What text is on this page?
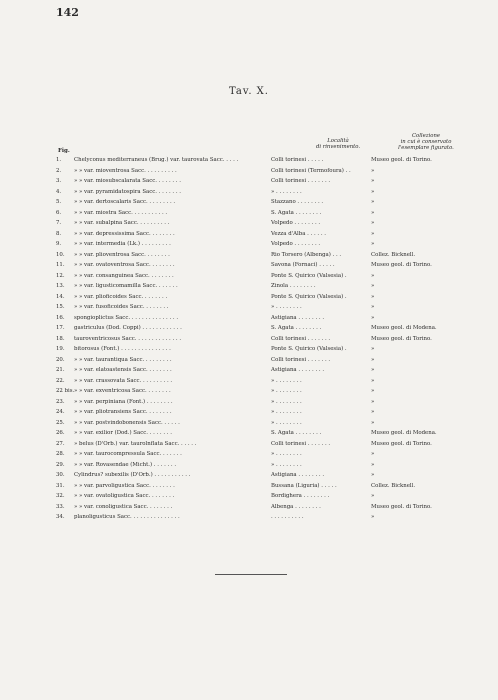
142
Tav. X.
Fig.
Località
di rinvenimento.
Collezione
in cui è conservato
l'esemplare figurato.
1.	Chelyconus mediterraneus (Brug.) var. taurovata Sacc. . . . .	Colli torinesi . . . . .	Museo geol. di Torino.
2.	» » var. mioventrosa Sacc. . . . . . . . . .	Colli torinesi (Termofoura) . .	»
3.	» » var. miosubscalarata Sacc. . . . . . . .	Colli torinesi . . . . . . .	»
4.	» » var. pyramidatospira Sacc. . . . . . . .	» . . . . . . . .	»
5.	» » var. dertoscalaris Sacc. . . . . . . . .	Stazzano . . . . . . . .	»
6.	» » var. miostra Sacc. . . . . . . . . . .	S. Agata . . . . . . . .	»
7.	» » var. subalpina Sacc. . . . . . . . . .	Volpedo . . . . . . . .	»
8.	» » var. depressissima Sacc. . . . . . . .	Vezza d'Alba . . . . . .	»
9.	» » var. intermedia (Lk.) . . . . . . . . .	Volpedo . . . . . . . .	»
10.	» » var. plioventrosa Sacc. . . . . . . .	Rio Torsero (Albenga) . . .	Collez. Bicknell.
11.	» » var. ovatoventrosa Sacc. . . . . . . .	Savona (Fornaci) . . . . .	Museo geol. di Torino.
12.	» » var. consanguinea Sacc. . . . . . . .	Ponte S. Quirico (Valsesia) .	»
13.	» » var. ligusticomamilla Sacc. . . . . . .	Zinola . . . . . . . .	»
14.	» » var. plioficoides Sacc. . . . . . . .	Ponte S. Quirico (Valsesia) .	»
15.	» » var. fusoficoides Sacc. . . . . . . .	» . . . . . . . .	»
16.	spongioplictus Sacc. . . . . . . . . . . . . . .	Astigiana . . . . . . . .	»
17.	gastriculus (Dod. Coppi) . . . . . . . . . . . .	S. Agata . . . . . . . .	Museo geol. di Modena.
18.	tauroventricosus Sacc. . . . . . . . . . . . . .	Colli torinesi . . . . . . .	Museo geol. di Torino.
19.	bitorosus (Font.) . . . . . . . . . . . . . . .	Ponte S. Quirico (Valsesia) .	»
20.	» » var. taurantiqua Sacc. . . . . . . . .	Colli torinesi . . . . . . .	»
21.	» » var. elatoastensis Sacc. . . . . . . .	Astigiana . . . . . . . .	»
22.	» » var. crassovata Sacc. . . . . . . . . .	» . . . . . . . .	»
22 bis. » » var. exventricosa Sacc. . . . . . . .	» . . . . . . . .	»
23.	» » var. perpiniana (Font.) . . . . . . . .	» . . . . . . . .	»
24.	» » var. pliotransiens Sacc. . . . . . . .	» . . . . . . . .	»
25.	» » var. postvindobonensis Sacc. . . . . .	» . . . . . . . .	»
26.	» » var. exilior (Dod.) Sacc. . . . . . . .	S. Agata . . . . . . . .	Museo geol. di Modena.
27.	» belus (D'Orb.) var. taurolnflata Sacc. . . . . .	Colli torinesi . . . . . . .	Museo geol. di Torino.
28.	» » var. taurocompressula Sacc. . . . . . .	» . . . . . . . .	»
29.	» » var. Rovasendae (Micht.) . . . . . . .	» . . . . . . . .	»
30.	Cylindrus? subexilis (D'Orb.) . . . . . . . . . . .	Astigiana . . . . . . . .	»
31.	» » var. parvoligustica Sacc. . . . . . . .	Bussana (Liguria) . . . . .	Collez. Bicknell.
32.	» » var. ovatoligustica Sacc. . . . . . . .	Bordighera . . . . . . . .	»
33.	» » var. conoligustica Sacc. . . . . . . .	Albenga . . . . . . . .	Museo geol. di Torino.
34.	planoligusticus Sacc. . . . . . . . . . . . . . .	. . . . . . . . . .	»
